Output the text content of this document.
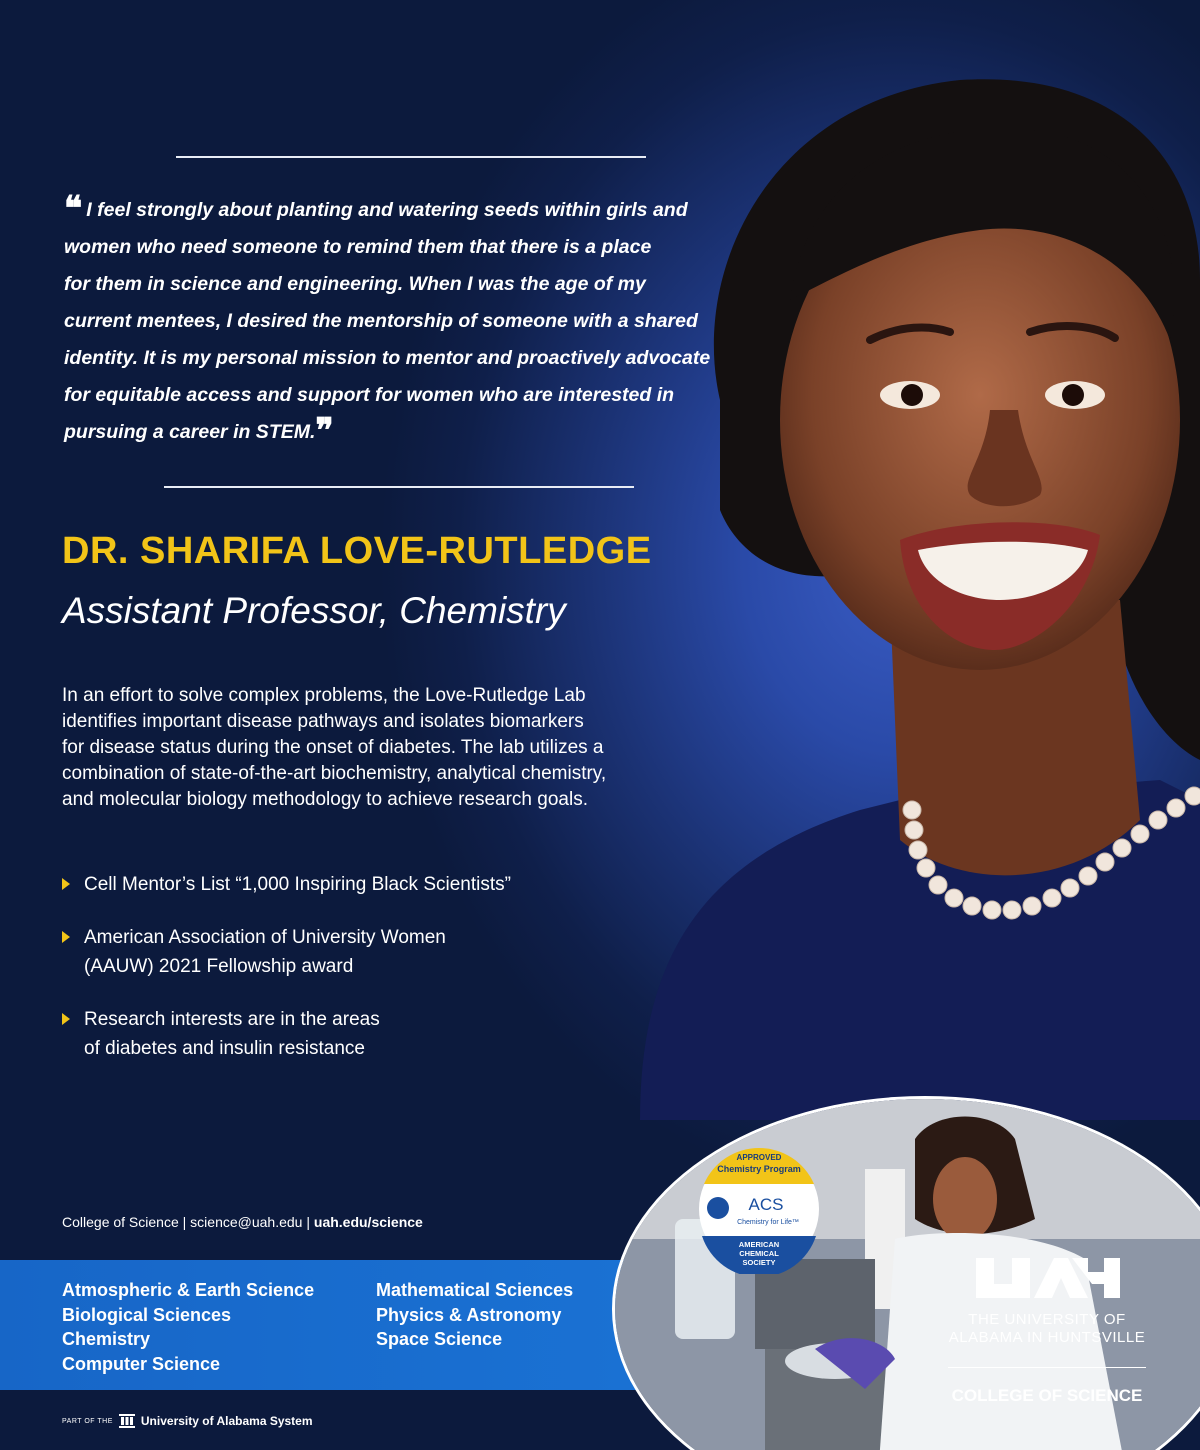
❝ I feel strongly about planting and watering seeds within girls and
women who need someone to remind them that there is a place
for them in science and engineering. When I was the age of my
current mentees, I desired the mentorship of someone with a shared
identity. It is my personal mission to mentor and proactively advocate
for equitable access and support for women who are interested in
pursuing a career in STEM.❞
DR. SHARIFA LOVE-RUTLEDGE
Assistant Professor, Chemistry
In an effort to solve complex problems, the Love-Rutledge Lab
identifies important disease pathways and isolates biomarkers
for disease status during the onset of diabetes. The lab utilizes a
combination of state-of-the-art biochemistry, analytical chemistry,
and molecular biology methodology to achieve research goals.
Cell Mentor’s List “1,000 Inspiring Black Scientists”
American Association of University Women
(AAUW) 2021 Fellowship award
Research interests are in the areas
of diabetes and insulin resistance
College of Science | science@uah.edu | uah.edu/science
Atmospheric & Earth Science
Biological Sciences
Chemistry
Computer Science
Mathematical Sciences
Physics & Astronomy
Space Science
PART OF THE University of Alabama System
APPROVED
Chemistry Program
ACS
Chemistry for Life™
AMERICAN
CHEMICAL
SOCIETY
THE UNIVERSITY OF
ALABAMA IN HUNTSVILLE
COLLEGE OF SCIENCE
